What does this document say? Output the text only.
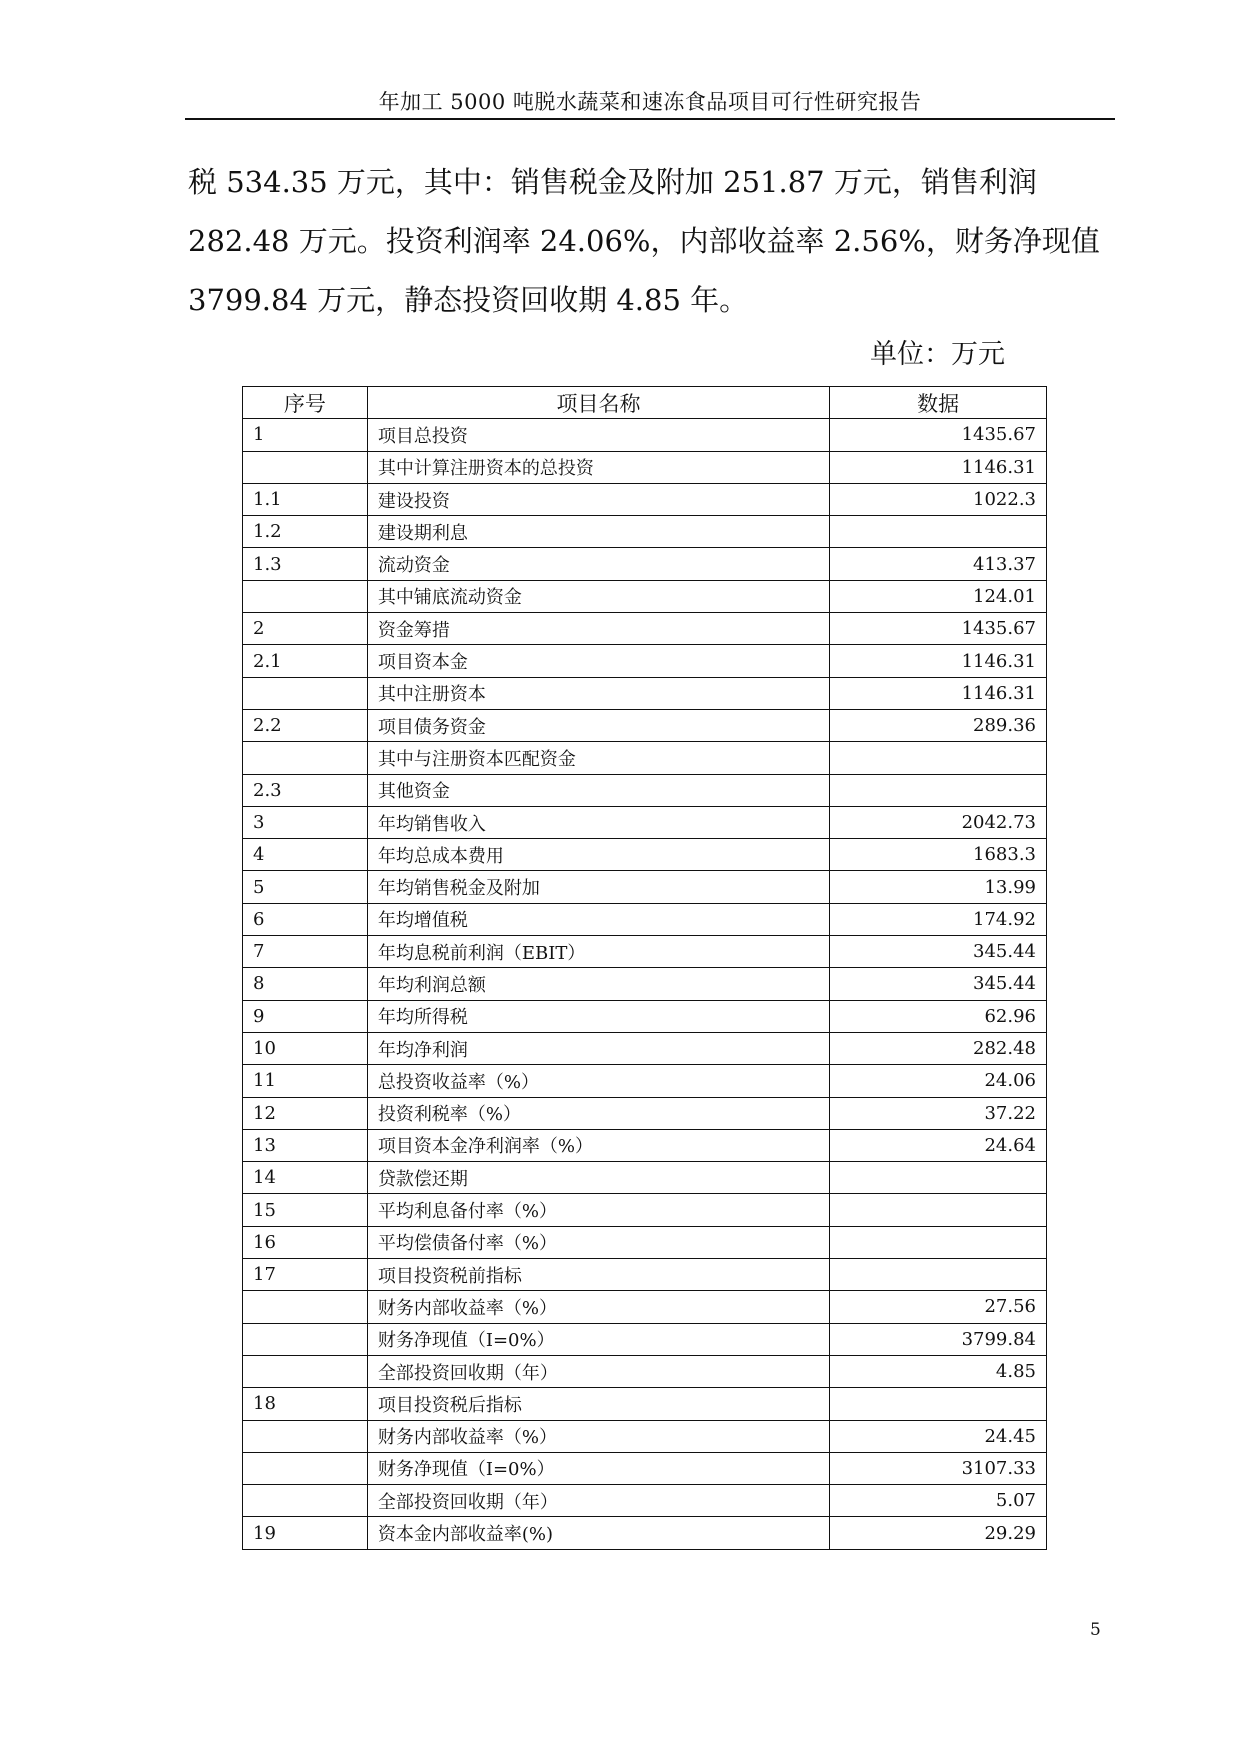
年加工 5000 吨脱水蔬菜和速冻食品项目可行性研究报告
税 534.35 万元，其中：销售税金及附加 251.87 万元，销售利润
282.48 万元。投资利润率 24.06%，内部收益率 2.56%，财务净现值
3799.84 万元，静态投资回收期 4.85 年。
单位：万元
序号	项目名称	数据
1	项目总投资	1435.67
	其中计算注册资本的总投资	1146.31
1.1	建设投资	1022.3
1.2	建设期利息	
1.3	流动资金	413.37
	其中铺底流动资金	124.01
2	资金筹措	1435.67
2.1	项目资本金	1146.31
	其中注册资本	1146.31
2.2	项目债务资金	289.36
	其中与注册资本匹配资金	
2.3	其他资金	
3	年均销售收入	2042.73
4	年均总成本费用	1683.3
5	年均销售税金及附加	13.99
6	年均增值税	174.92
7	年均息税前利润（EBIT）	345.44
8	年均利润总额	345.44
9	年均所得税	62.96
10	年均净利润	282.48
11	总投资收益率（%）	24.06
12	投资利税率（%）	37.22
13	项目资本金净利润率（%）	24.64
14	贷款偿还期	
15	平均利息备付率（%）	
16	平均偿债备付率（%）	
17	项目投资税前指标	
	财务内部收益率（%）	27.56
	财务净现值（I=0%）	3799.84
	全部投资回收期（年）	4.85
18	项目投资税后指标	
	财务内部收益率（%）	24.45
	财务净现值（I=0%）	3107.33
	全部投资回收期（年）	5.07
19	资本金内部收益率(%)	29.29
5
